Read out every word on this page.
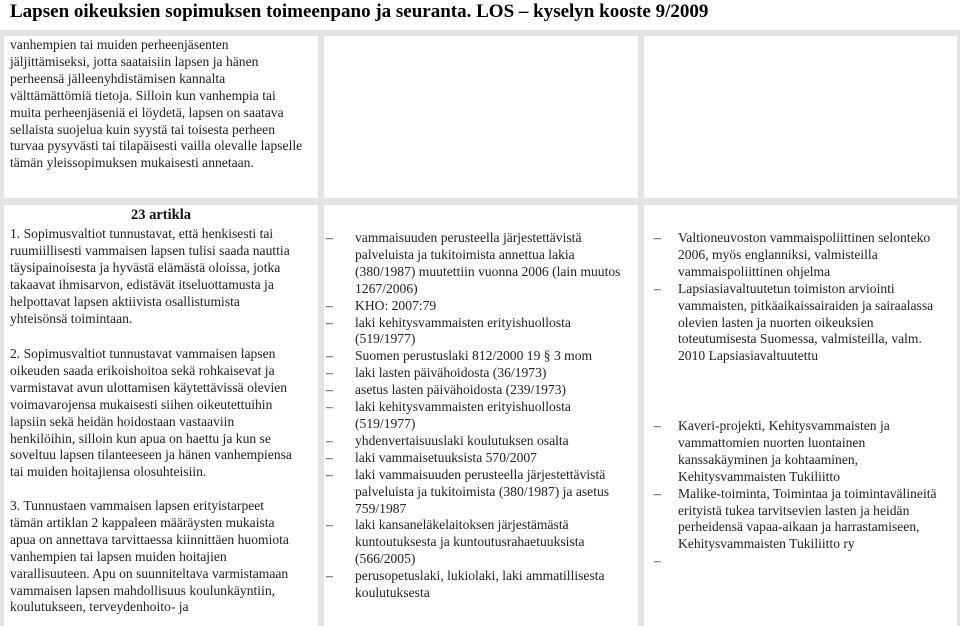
Lapsen oikeuksien sopimuksen toimeenpano ja seuranta. LOS – kyselyn kooste 9/2009
vanhempien tai muiden perheenjäsenten
jäljittämiseksi, jotta saataisiin lapsen ja hänen
perheensä jälleenyhdistämisen kannalta
välttämättömiä tietoja. Silloin kun vanhempia tai
muita perheenjäseniä ei löydetä, lapsen on saatava
sellaista suojelua kuin syystä tai toisesta perheen
turvaa pysyvästi tai tilapäisesti vailla olevalle lapselle
tämän yleissopimuksen mukaisesti annetaan.
23 artikla
1. Sopimusvaltiot tunnustavat, että henkisesti tai
ruumiillisesti vammaisen lapsen tulisi saada nauttia
täysipainoisesta ja hyvästä elämästä oloissa, jotka
takaavat ihmisarvon, edistävät itseluottamusta ja
helpottavat lapsen aktiivista osallistumista
yhteisönsä toimintaan.
2. Sopimusvaltiot tunnustavat vammaisen lapsen
oikeuden saada erikoishoitoa sekä rohkaisevat ja
varmistavat avun ulottamisen käytettävissä olevien
voimavarojensa mukaisesti siihen oikeutettuihin
lapsiin sekä heidän hoidostaan vastaaviin
henkilöihin, silloin kun apua on haettu ja kun se
soveltuu lapsen tilanteeseen ja hänen vanhempiensa
tai muiden hoitajiensa olosuhteisiin.
3. Tunnustaen vammaisen lapsen erityistarpeet
tämän artiklan 2 kappaleen määräysten mukaista
apua on annettava tarvittaessa kiinnittäen huomiota
vanhempien tai lapsen muiden hoitajien
varallisuuteen. Apu on suunniteltava varmistamaan
vammaisen lapsen mahdollisuus koulunkäyntiin,
koulutukseen, terveydenhoito- ja
– vammaisuuden perusteella järjestettävistä
palveluista ja tukitoimista annettua lakia
(380/1987) muutettiin vuonna 2006 (lain muutos
1267/2006)
– KHO: 2007:79
– laki kehitysvammaisten erityishuollosta
(519/1977)
– Suomen perustuslaki 812/2000 19 § 3 mom
– laki lasten päivähoidosta (36/1973)
– asetus lasten päivähoidosta (239/1973)
– laki kehitysvammaisten erityishuollosta
(519/1977)
– yhdenvertaisuuslaki koulutuksen osalta
– laki vammaisetuuksista 570/2007
– laki vammaisuuden perusteella järjestettävistä
palveluista ja tukitoimista (380/1987) ja asetus
759/1987
– laki kansaneläkelaitoksen järjestämästä
kuntoutuksesta ja kuntoutusrahaetuuksista
(566/2005)
– perusopetuslaki, lukiolaki, laki ammatillisesta
koulutuksesta
– Valtioneuvoston vammaispoliittinen selonteko
2006, myös englanniksi, valmisteilla
vammaispoliittinen ohjelma
– Lapsiasiavaltuutetun toimiston arviointi
vammaisten, pitkäaikaissairaiden ja sairaalassa
olevien lasten ja nuorten oikeuksien
toteutumisesta Suomessa, valmisteilla, valm.
2010 Lapsiasiavaltuutettu
– Kaveri-projekti, Kehitysvammaisten ja
vammattomien nuorten luontainen
kanssakäyminen ja kohtaaminen,
Kehitysvammaisten Tukiliitto
– Malike-toiminta, Toimintaa ja toimintavälineitä
erityistä tukea tarvitsevien lasten ja heidän
perheidensä vapaa-aikaan ja harrastamiseen,
Kehitysvammaisten Tukiliitto ry
–
